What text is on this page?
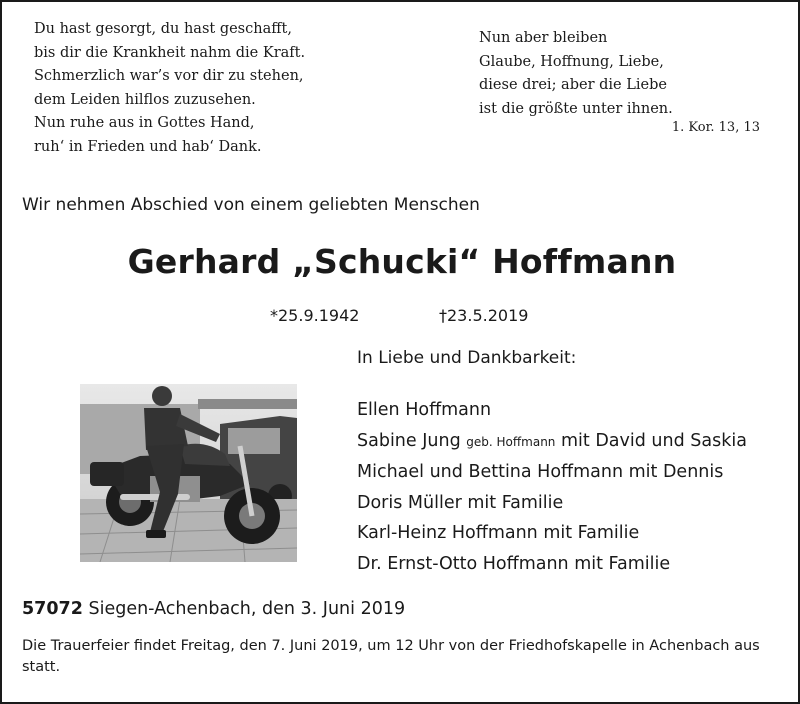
Du hast gesorgt, du hast geschafft,
bis dir die Krankheit nahm die Kraft.
Schmerzlich war’s vor dir zu stehen,
dem Leiden hilflos zuzusehen.
Nun ruhe aus in Gottes Hand,
ruh‘ in Frieden und hab‘ Dank.
Nun aber bleiben
Glaube, Hoffnung, Liebe,
diese drei; aber die Liebe
ist die größte unter ihnen.
1. Kor. 13, 13
Wir nehmen Abschied von einem geliebten Menschen
Gerhard „Schucki“ Hoffmann
*25.9.1942	†23.5.2019
In Liebe und Dankbarkeit:
Ellen Hoffmann
Sabine Jung geb. Hoffmann mit David und Saskia
Michael und Bettina Hoffmann mit Dennis
Doris Müller mit Familie
Karl-Heinz Hoffmann mit Familie
Dr. Ernst-Otto Hoffmann mit Familie
57072 Siegen-Achenbach, den 3. Juni 2019
Die Trauerfeier findet Freitag, den 7. Juni 2019, um 12 Uhr von der Friedhofskapelle in Achenbach aus statt.
